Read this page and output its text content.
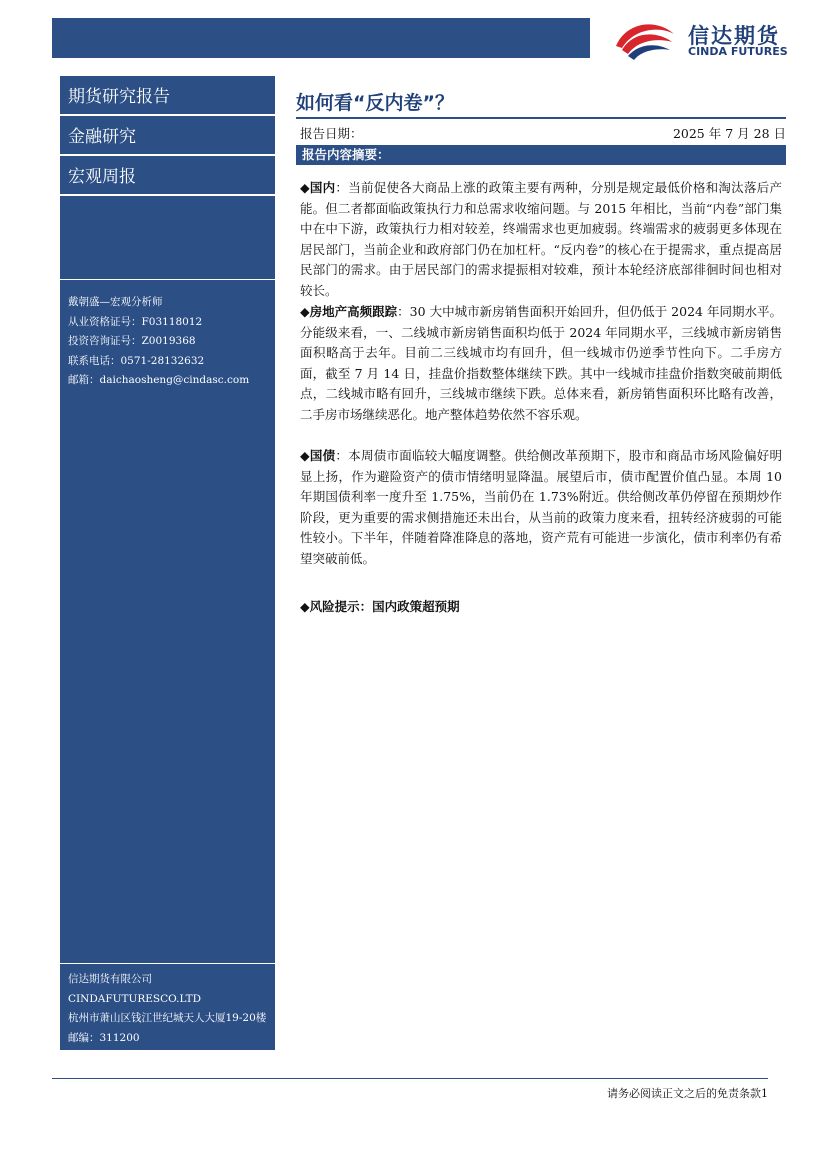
信达期货
CINDA FUTURES
期货研究报告
金融研究
宏观周报
戴朝盛—宏观分析师
从业资格证号：F03118012
投资咨询证号：Z0019368
联系电话：0571-28132632
邮箱：daichaosheng@cindasc.com
信达期货有限公司
CINDAFUTURESCO.LTD
杭州市萧山区钱江世纪城天人大厦19-20楼
邮编：311200
如何看“反内卷”？
报告日期：	2025 年 7 月 28 日
报告内容摘要：
◆国内：当前促使各大商品上涨的政策主要有两种，分别是规定最低价格和淘汰落后产能。但二者都面临政策执行力和总需求收缩问题。与 2015 年相比，当前“内卷”部门集中在中下游，政策执行力相对较差，终端需求也更加疲弱。终端需求的疲弱更多体现在居民部门，当前企业和政府部门仍在加杠杆。“反内卷”的核心在于提需求，重点提高居民部门的需求。由于居民部门的需求提振相对较难，预计本轮经济底部徘徊时间也相对较长。
◆房地产高频跟踪：30 大中城市新房销售面积开始回升，但仍低于 2024 年同期水平。分能级来看，一、二线城市新房销售面积均低于 2024 年同期水平，三线城市新房销售面积略高于去年。目前二三线城市均有回升，但一线城市仍逆季节性向下。二手房方面，截至 7 月 14 日，挂盘价指数整体继续下跌。其中一线城市挂盘价指数突破前期低点，二线城市略有回升，三线城市继续下跌。总体来看，新房销售面积环比略有改善，二手房市场继续恶化。地产整体趋势依然不容乐观。
◆国债：本周债市面临较大幅度调整。供给侧改革预期下，股市和商品市场风险偏好明显上扬，作为避险资产的债市情绪明显降温。展望后市，债市配置价值凸显。本周 10 年期国债利率一度升至 1.75%，当前仍在 1.73%附近。供给侧改革仍停留在预期炒作阶段，更为重要的需求侧措施还未出台，从当前的政策力度来看，扭转经济疲弱的可能性较小。下半年，伴随着降准降息的落地，资产荒有可能进一步演化，债市利率仍有希望突破前低。
◆风险提示：国内政策超预期
请务必阅读正文之后的免责条款1
